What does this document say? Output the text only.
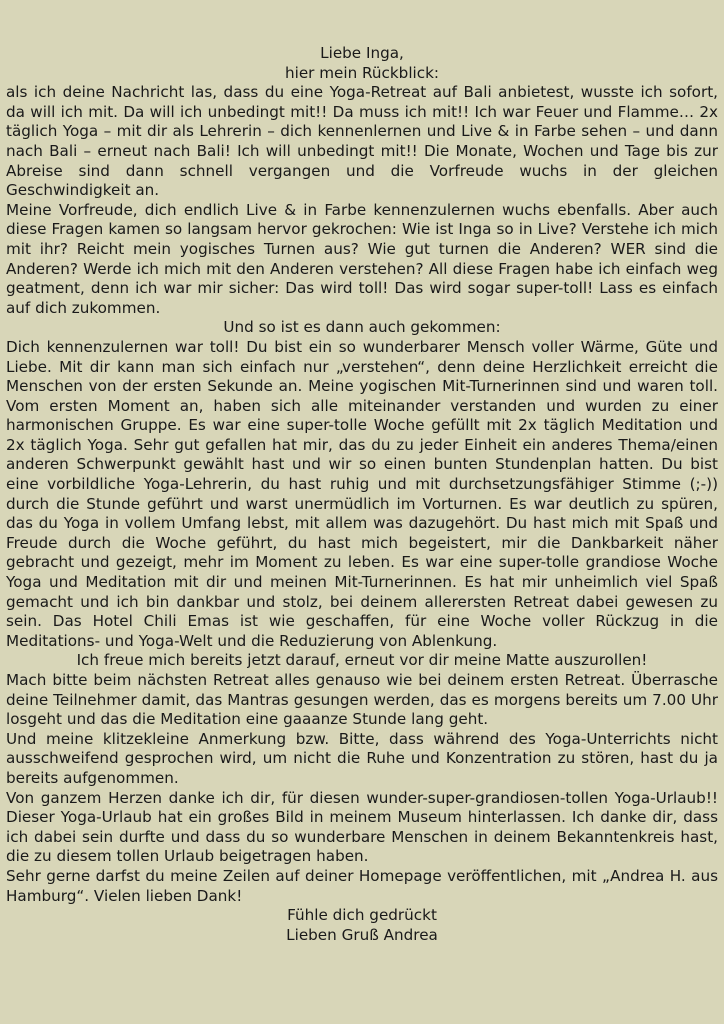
Liebe Inga,

hier mein Rückblick:

als ich deine Nachricht las, dass du eine Yoga-Retreat auf Bali anbietest, wusste ich sofort, da will ich mit. Da will ich unbedingt mit!! Da muss ich mit!! Ich war Feuer und Flamme… 2x täglich Yoga – mit dir als Lehrerin – dich kennenlernen und Live & in Farbe sehen – und dann nach Bali – erneut nach Bali! Ich will unbedingt mit!! Die Monate, Wochen und Tage bis zur Abreise sind dann schnell vergangen und die Vorfreude wuchs in der gleichen Geschwindigkeit an.

Meine Vorfreude, dich endlich Live & in Farbe kennenzulernen wuchs ebenfalls. Aber auch diese Fragen kamen so langsam hervor gekrochen: Wie ist Inga so in Live? Verstehe ich mich mit ihr? Reicht mein yogisches Turnen aus? Wie gut turnen die Anderen? WER sind die Anderen? Werde ich mich mit den Anderen verstehen? All diese Fragen habe ich einfach weg geatment, denn ich war mir sicher: Das wird toll! Das wird sogar super-toll! Lass es einfach auf dich zukommen.

Und so ist es dann auch gekommen:

Dich kennenzulernen war toll! Du bist ein so wunderbarer Mensch voller Wärme, Güte und Liebe. Mit dir kann man sich einfach nur „verstehen“, denn deine Herzlichkeit erreicht die Menschen von der ersten Sekunde an. Meine yogischen Mit-Turnerinnen sind und waren toll. Vom ersten Moment an, haben sich alle miteinander verstanden und wurden zu einer harmonischen Gruppe. Es war eine super-tolle Woche gefüllt mit 2x täglich Meditation und 2x täglich Yoga. Sehr gut gefallen hat mir, das du zu jeder Einheit ein anderes Thema/einen anderen Schwerpunkt gewählt hast und wir so einen bunten Stundenplan hatten. Du bist eine vorbildliche Yoga-Lehrerin, du hast ruhig und mit durchsetzungsfähiger Stimme (;-)) durch die Stunde geführt und warst unermüdlich im Vorturnen. Es war deutlich zu spüren, das du Yoga in vollem Umfang lebst, mit allem was dazugehört. Du hast mich mit Spaß und Freude durch die Woche geführt, du hast mich begeistert, mir die Dankbarkeit näher gebracht und gezeigt, mehr im Moment zu leben. Es war eine super-tolle grandiose Woche Yoga und Meditation mit dir und meinen Mit-Turnerinnen. Es hat mir unheimlich viel Spaß gemacht und ich bin dankbar und stolz, bei deinem allerersten Retreat dabei gewesen zu sein. Das Hotel Chili Emas ist wie geschaffen, für eine Woche voller Rückzug in die Meditations- und Yoga-Welt und die Reduzierung von Ablenkung.

Ich freue mich bereits jetzt darauf, erneut vor dir meine Matte auszurollen!

Mach bitte beim nächsten Retreat alles genauso wie bei deinem ersten Retreat. Überrasche deine Teilnehmer damit, das Mantras gesungen werden, das es morgens bereits um 7.00 Uhr losgeht und das die Meditation eine gaaanze Stunde lang geht.

Und meine klitzekleine Anmerkung bzw. Bitte, dass während des Yoga-Unterrichts nicht ausschweifend gesprochen wird, um nicht die Ruhe und Konzentration zu stören, hast du ja bereits aufgenommen.

Von ganzem Herzen danke ich dir, für diesen wunder-super-grandiosen-tollen Yoga-Urlaub!! Dieser Yoga-Urlaub hat ein großes Bild in meinem Museum hinterlassen. Ich danke dir, dass ich dabei sein durfte und dass du so wunderbare Menschen in deinem Bekanntenkreis hast, die zu diesem tollen Urlaub beigetragen haben.

Sehr gerne darfst du meine Zeilen auf deiner Homepage veröffentlichen, mit „Andrea H. aus Hamburg“. Vielen lieben Dank!

Fühle dich gedrückt

Lieben Gruß Andrea
